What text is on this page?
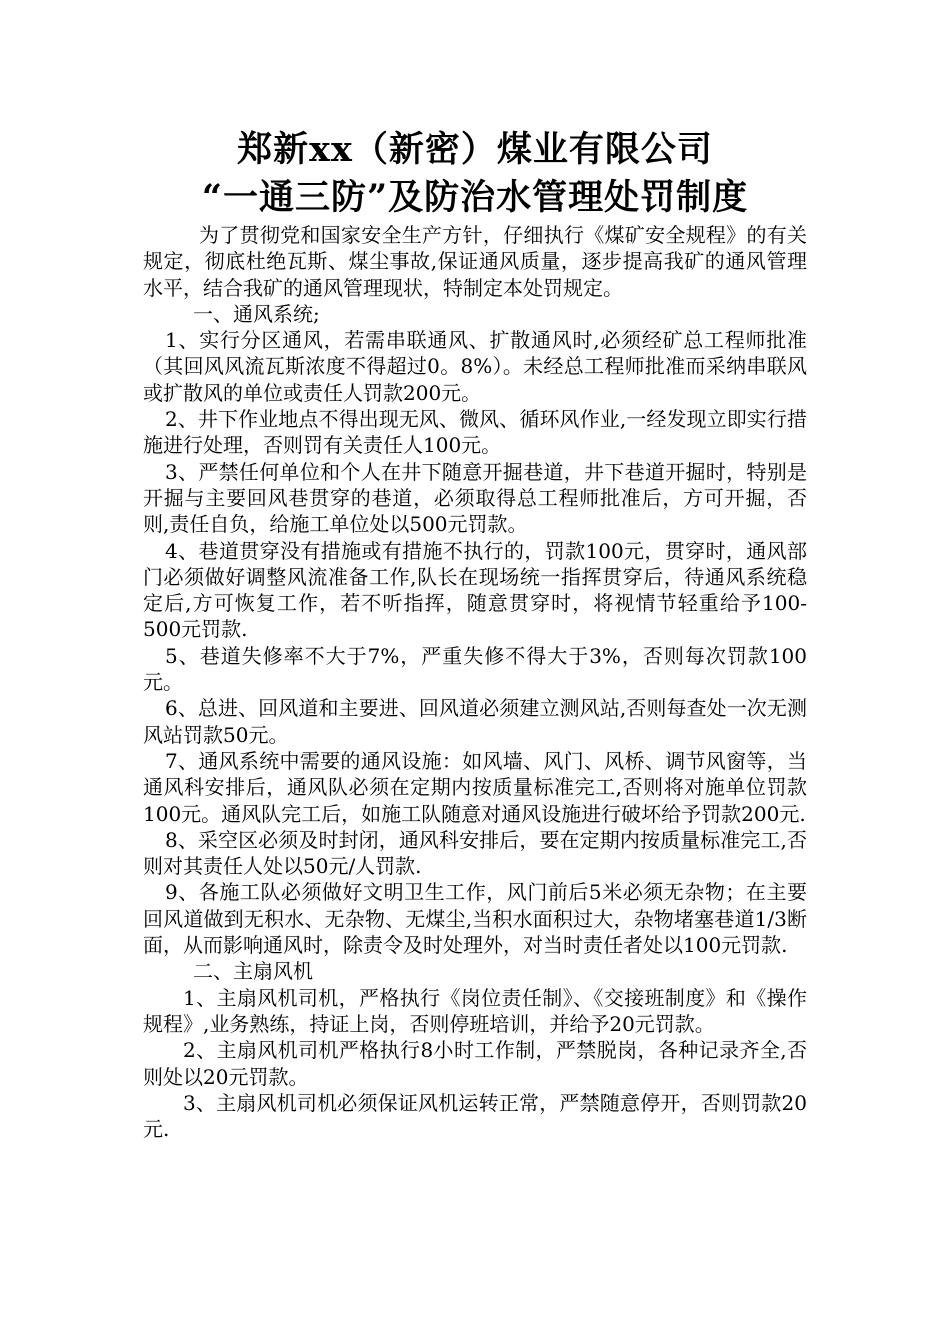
郑新xx（新密）煤业有限公司
“一通三防”及防治水管理处罚制度

为了贯彻党和国家安全生产方针，仔细执行《煤矿安全规程》的有关规定，彻底杜绝瓦斯、煤尘事故,保证通风质量，逐步提高我矿的通风管理水平，结合我矿的通风管理现状，特制定本处罚规定。

一、通风系统;

1、实行分区通风，若需串联通风、扩散通风时,必须经矿总工程师批准（其回风风流瓦斯浓度不得超过0。8%）。未经总工程师批准而采纳串联风或扩散风的单位或责任人罚款200元。

2、井下作业地点不得出现无风、微风、循环风作业,一经发现立即实行措施进行处理，否则罚有关责任人100元。

3、严禁任何单位和个人在井下随意开掘巷道，井下巷道开掘时，特别是开掘与主要回风巷贯穿的巷道，必须取得总工程师批准后，方可开掘，否则,责任自负，给施工单位处以500元罚款。

4、巷道贯穿没有措施或有措施不执行的，罚款100元，贯穿时，通风部门必须做好调整风流准备工作,队长在现场统一指挥贯穿后，待通风系统稳定后,方可恢复工作，若不听指挥，随意贯穿时，将视情节轻重给予100-500元罚款.

5、巷道失修率不大于7%，严重失修不得大于3%，否则每次罚款100元。

6、总进、回风道和主要进、回风道必须建立测风站,否则每查处一次无测风站罚款50元。

7、通风系统中需要的通风设施：如风墙、风门、风桥、调节风窗等，当通风科安排后，通风队必须在定期内按质量标准完工,否则将对施单位罚款100元。通风队完工后，如施工队随意对通风设施进行破坏给予罚款200元.

8、采空区必须及时封闭，通风科安排后，要在定期内按质量标准完工,否则对其责任人处以50元/人罚款.

9、各施工队必须做好文明卫生工作，风门前后5米必须无杂物；在主要回风道做到无积水、无杂物、无煤尘,当积水面积过大，杂物堵塞巷道1/3断面，从而影响通风时，除责令及时处理外，对当时责任者处以100元罚款.

二、主扇风机

1、主扇风机司机，严格执行《岗位责任制》、《交接班制度》和《操作规程》,业务熟练，持证上岗，否则停班培训，并给予20元罚款。

2、主扇风机司机严格执行8小时工作制，严禁脱岗，各种记录齐全,否则处以20元罚款。

3、主扇风机司机必须保证风机运转正常，严禁随意停开，否则罚款20元.
